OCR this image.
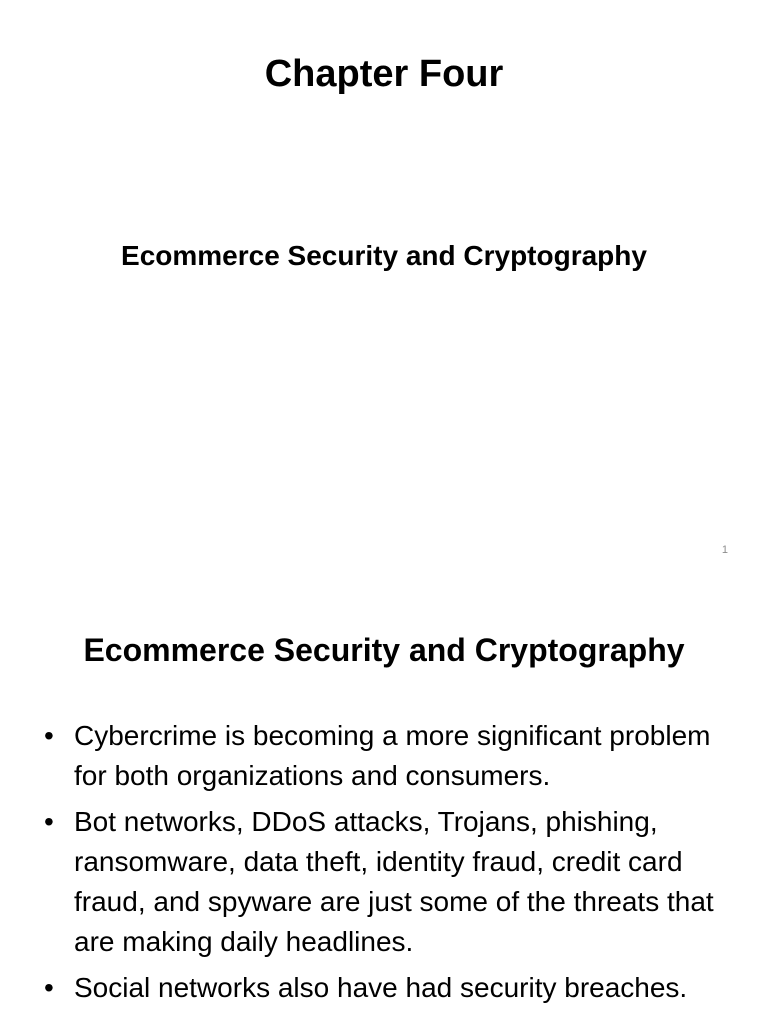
Chapter Four
Ecommerce Security and Cryptography
1
Ecommerce Security and Cryptography
• Cybercrime is becoming a more significant problem for both organizations and consumers.
• Bot networks, DDoS attacks, Trojans, phishing, ransomware, data theft, identity fraud, credit card fraud, and spyware are just some of the threats that are making daily headlines.
• Social networks also have had security breaches.
